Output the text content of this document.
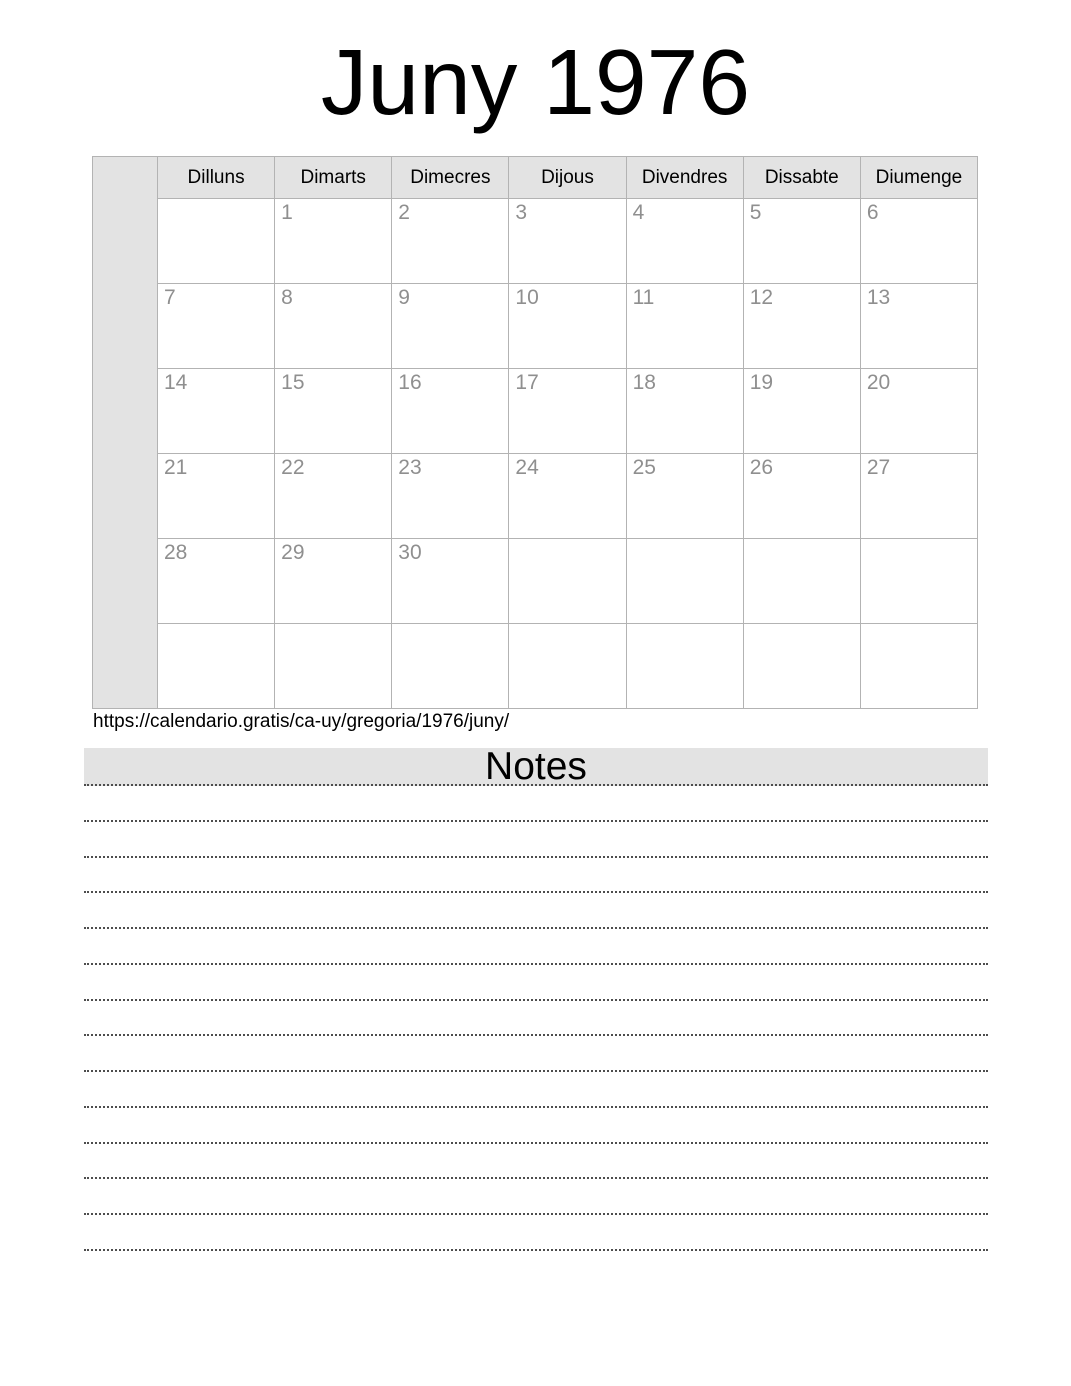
Juny 1976
	Dilluns	Dimarts	Dimecres	Dijous	Divendres	Dissabte	Diumenge
		1	2	3	4	5	6
	7	8	9	10	11	12	13
	14	15	16	17	18	19	20
	21	22	23	24	25	26	27
	28	29	30				

https://calendario.gratis/ca-uy/gregoria/1976/juny/
Notes
